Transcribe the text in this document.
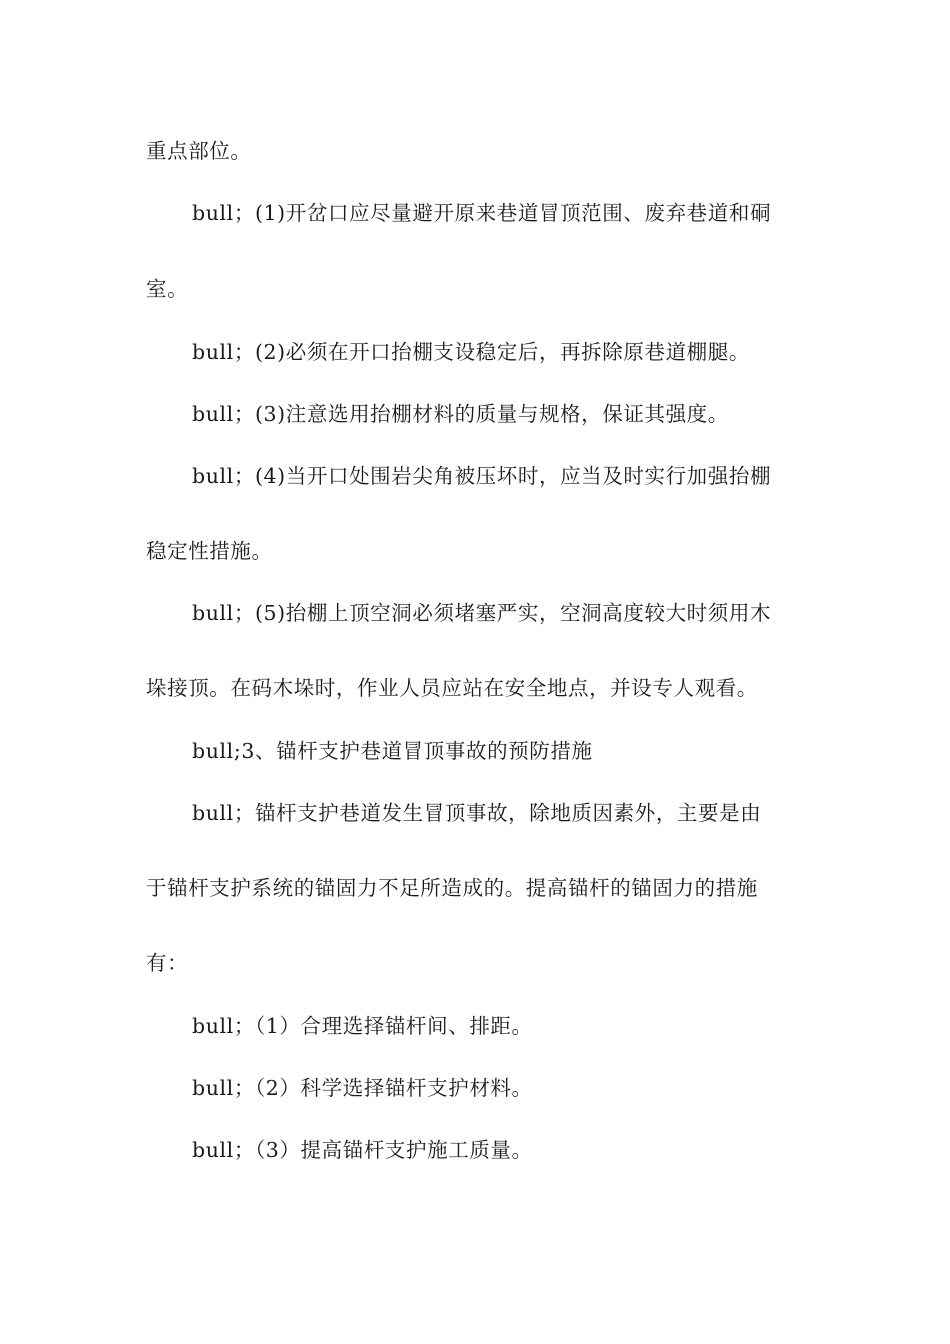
重点部位。
bull；(1)开岔口应尽量避开原来巷道冒顶范围、废弃巷道和硐
室。
bull；(2)必须在开口抬棚支设稳定后，再拆除原巷道棚腿。
bull；(3)注意选用抬棚材料的质量与规格，保证其强度。
bull；(4)当开口处围岩尖角被压坏时，应当及时实行加强抬棚
稳定性措施。
bull；(5)抬棚上顶空洞必须堵塞严实，空洞高度较大时须用木
垛接顶。在码木垛时，作业人员应站在安全地点，并设专人观看。
bull;3、锚杆支护巷道冒顶事故的预防措施
bull；锚杆支护巷道发生冒顶事故，除地质因素外，主要是由
于锚杆支护系统的锚固力不足所造成的。提高锚杆的锚固力的措施
有：
bull；（1）合理选择锚杆间、排距。
bull；（2）科学选择锚杆支护材料。
bull；（3）提高锚杆支护施工质量。
